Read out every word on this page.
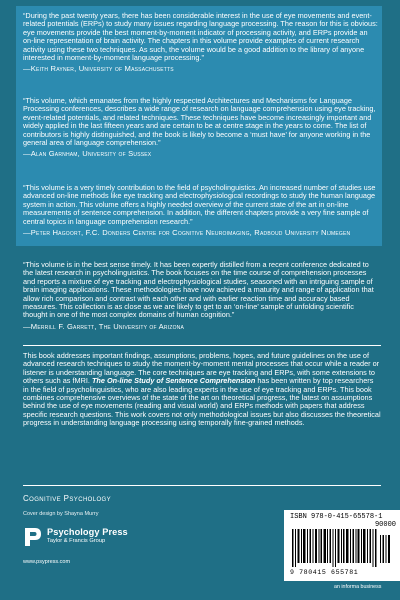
“During the past twenty years, there has been considerable interest in the use of eye movements and event-related potentials (ERPs) to study many issues regarding language processing. The reason for this is obvious: eye movements provide the best moment-by-moment indicator of processing activity, and ERPs provide an on-line representation of brain activity. The chapters in this volume provide examples of current research activity using these two techniques. As such, the volume would be a good addition to the library of anyone interested in moment-by-moment language processing.”

—Keith Rayner, University of Massachusetts

“This volume, which emanates from the highly respected Architectures and Mechanisms for Language Processing conferences, describes a wide range of research on language comprehension using eye tracking, event-related potentials, and related techniques. These techniques have become increasingly important and widely applied in the last fifteen years and are certain to be at centre stage in the years to come. The list of contributors is highly distinguished, and the book is likely to become a ‘must have’ for anyone working in the general area of language comprehension.”

—Alan Garnham, University of Sussex

“This volume is a very timely contribution to the field of psycholinguistics. An increased number of studies use advanced on-line methods like eye tracking and electrophysiological recordings to study the human language system in action. This volume offers a highly needed overview of the current state of the art in on-line measurements of sentence comprehension. In addition, the different chapters provide a very fine sample of central topics in language comprehension research.”

—Peter Hagoort, F.C. Donders Centre for Cognitive Neuroimaging, Radboud University Nijmegen

“This volume is in the best sense timely. It has been expertly distilled from a recent conference dedicated to the latest research in psycholinguistics. The book focuses on the time course of comprehension processes and reports a mixture of eye tracking and electrophysiological studies, seasoned with an intriguing sample of brain imaging applications. These methodologies have now achieved a maturity and range of application that allow rich comparison and contrast with each other and with earlier reaction time and accuracy based measures. This collection is as close as we are likely to get to an ‘on-line’ sample of unfolding scientific thought in one of the most complex domains of human cognition.”

—Merrill F. Garrett, The University of Arizona

This book addresses important findings, assumptions, problems, hopes, and future guidelines on the use of advanced research techniques to study the moment-by-moment mental processes that occur while a reader or listener is understanding language. The core techniques are eye tracking and ERPs, with some extensions to others such as fMRI. The On-line Study of Sentence Comprehension has been written by top researchers in the field of psycholinguistics, who are also leading experts in the use of eye tracking and ERPs. This book combines comprehensive overviews of the state of the art on theoretical progress, the latest on assumptions behind the use of eye movements (reading and visual world) and ERPs methods with papers that address specific research questions. This work covers not only methodological issues but also discusses the theoretical progress in understanding language processing using temporally fine-grained methods.

Cognitive Psychology
Cover design by Shayna Murry
Psychology Press
Taylor & Francis Group
www.psypress.com
ISBN 978-0-415-65578-1
90000
9 780415 655781
an informa business
